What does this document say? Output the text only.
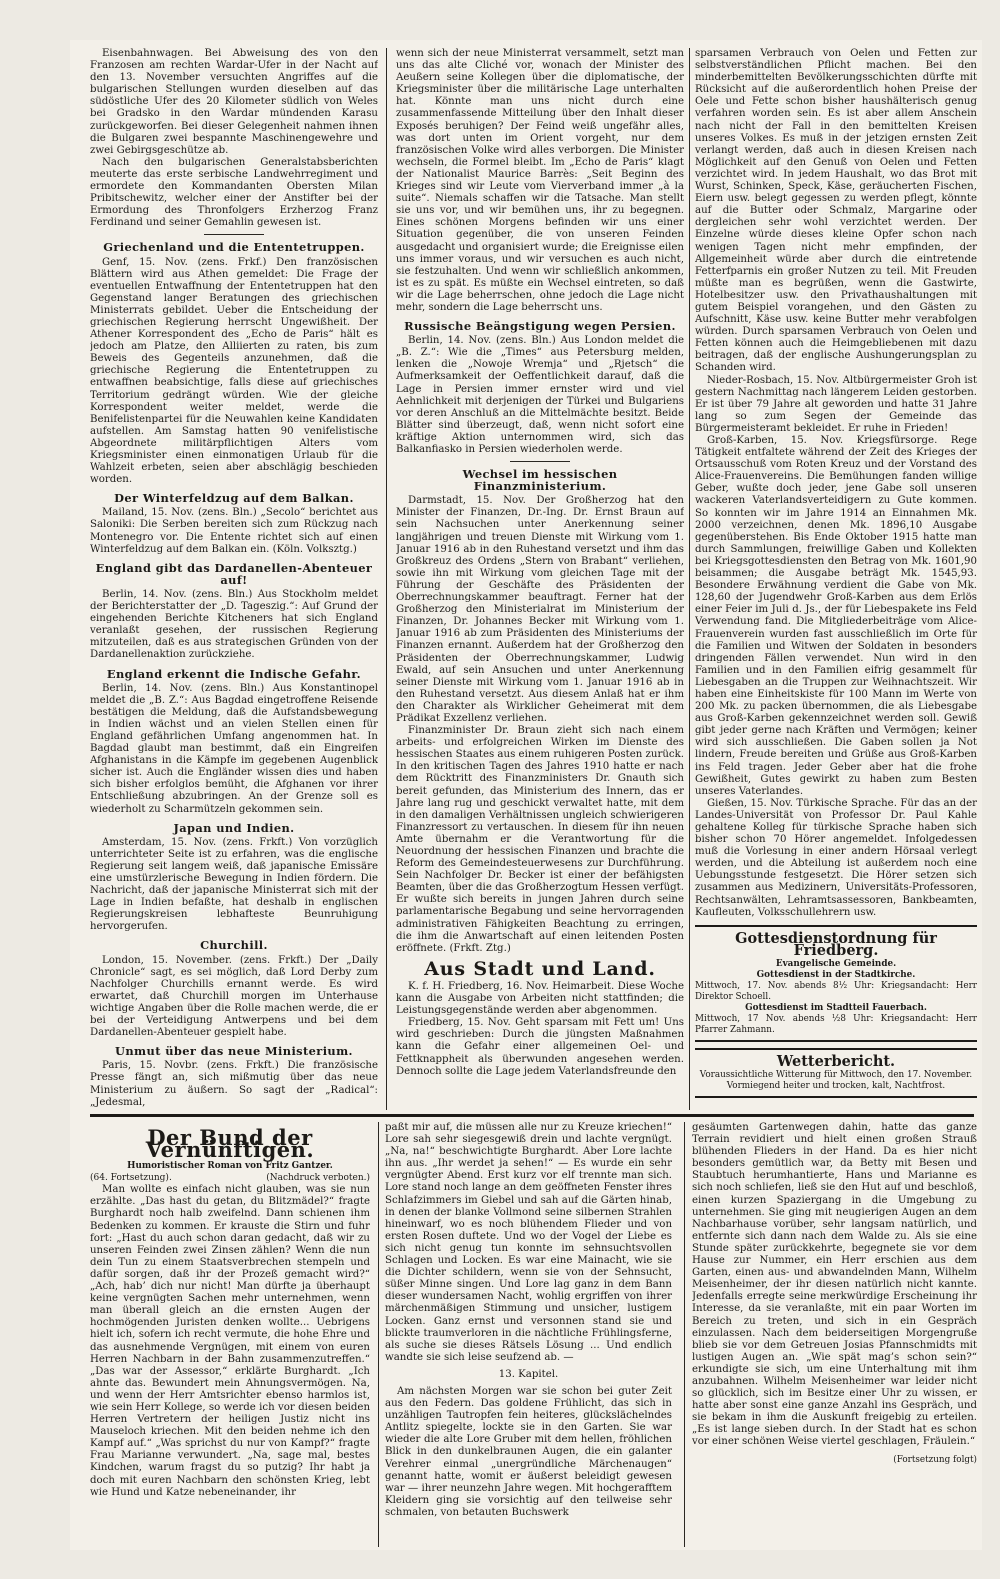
Eisenbahnwagen. Bei Abweisung des von den Franzosen am rechten Wardar-Ufer in der Nacht auf den 13. November versuchten Angriffes auf die bulgarischen Stellungen wurden dieselben auf das südöstliche Ufer des 20 Kilometer südlich von Weles bei Gradsko in den Wardar mündenden Karasu zurückgeworfen. Bei dieser Gelegenheit nahmen ihnen die Bulgaren zwei bespannte Maschinengewehre und zwei Gebirgsgeschütze ab.

Nach den bulgarischen Generalstabsberichten meuterte das erste serbische Landwehrregiment und ermordete den Kommandanten Obersten Milan Pribitschewitz, welcher einer der Anstifter bei der Ermordung des Thronfolgers Erzherzog Franz Ferdinand und seiner Gemahlin gewesen ist.

Griechenland und die Ententetruppen.

Genf, 15. Nov. (zens. Frkf.) Den französischen Blättern wird aus Athen gemeldet: Die Frage der eventuellen Entwaffnung der Ententetruppen hat den Gegenstand langer Beratungen des griechischen Ministerrats gebildet. Ueber die Entscheidung der griechischen Regierung herrscht Ungewißheit. Der Athener Korrespondent des „Echo de Paris“ hält es jedoch am Platze, den Alliierten zu raten, bis zum Beweis des Gegenteils anzunehmen, daß die griechische Regierung die Ententetruppen zu entwaffnen beabsichtige, falls diese auf griechisches Territorium gedrängt würden. Wie der gleiche Korrespondent weiter meldet, werde die Benifelistenpartei für die Neuwahlen keine Kandidaten aufstellen. Am Samstag hatten 90 venifelistische Abgeordnete militärpflichtigen Alters vom Kriegsminister einen einmonatigen Urlaub für die Wahlzeit erbeten, seien aber abschlägig beschieden worden.

Der Winterfeldzug auf dem Balkan.

Mailand, 15. Nov. (zens. Bln.) „Secolo“ berichtet aus Saloniki: Die Serben bereiten sich zum Rückzug nach Montenegro vor. Die Entente richtet sich auf einen Winterfeldzug auf dem Balkan ein. (Köln. Volksztg.)

England gibt das Dardanellen-Abenteuer auf!

Berlin, 14. Nov. (zens. Bln.) Aus Stockholm meldet der Berichterstatter der „D. Tageszig.“: Auf Grund der eingehenden Berichte Kitcheners hat sich England veranlaßt gesehen, der russischen Regierung mitzuteilen, daß es aus strategischen Gründen von der Dardanellenaktion zurückziehe.

England erkennt die Indische Gefahr.

Berlin, 14. Nov. (zens. Bln.) Aus Konstantinopel meldet die „B. Z.“: Aus Bagdad eingetroffene Reisende bestätigen die Meldung, daß die Aufstandsbewegung in Indien wächst und an vielen Stellen einen für England gefährlichen Umfang angenommen hat. In Bagdad glaubt man bestimmt, daß ein Eingreifen Afghanistans in die Kämpfe im gegebenen Augenblick sicher ist. Auch die Engländer wissen dies und haben sich bisher erfolglos bemüht, die Afghanen vor ihrer Entschließung abzubringen. An der Grenze soll es wiederholt zu Scharmützeln gekommen sein.

Japan und Indien.

Amsterdam, 15. Nov. (zens. Frkft.) Von vorzüglich unterrichteter Seite ist zu erfahren, was die englische Regierung seit langem weiß, daß japanische Emissäre eine umstürzlerische Bewegung in Indien fördern. Die Nachricht, daß der japanische Ministerrat sich mit der Lage in Indien befaßte, hat deshalb in englischen Regierungskreisen lebhafteste Beunruhigung hervorgerufen.

Churchill.

London, 15. November. (zens. Frkft.) Der „Daily Chronicle“ sagt, es sei möglich, daß Lord Derby zum Nachfolger Churchills ernannt werde. Es wird erwartet, daß Churchill morgen im Unterhause wichtige Angaben über die Rolle machen werde, die er bei der Verteidigung Antwerpens und bei dem Dardanellen-Abenteuer gespielt habe.

Unmut über das neue Ministerium.

Paris, 15. Novbr. (zens. Frkft.) Die französische Presse fängt an, sich mißmutig über das neue Ministerium zu äußern. So sagt der „Radical“: „Jedesmal,

wenn sich der neue Ministerrat versammelt, setzt man uns das alte Cliché vor, wonach der Minister des Aeußern seine Kollegen über die diplomatische, der Kriegsminister über die militärische Lage unterhalten hat. Könnte man uns nicht durch eine zusammenfassende Mitteilung über den Inhalt dieser Exposés beruhigen? Der Feind weiß ungefähr alles, was dort unten im Orient vorgeht, nur dem französischen Volke wird alles verborgen. Die Minister wechseln, die Formel bleibt. Im „Echo de Paris“ klagt der Nationalist Maurice Barrès: „Seit Beginn des Krieges sind wir Leute vom Vierverband immer „à la suite“. Niemals schaffen wir die Tatsache. Man stellt sie uns vor, und wir bemühen uns, ihr zu begegnen. Eines schönen Morgens befinden wir uns einer Situation gegenüber, die von unseren Feinden ausgedacht und organisiert wurde; die Ereignisse eilen uns immer voraus, und wir versuchen es auch nicht, sie festzuhalten. Und wenn wir schließlich ankommen, ist es zu spät. Es müßte ein Wechsel eintreten, so daß wir die Lage beherrschen, ohne jedoch die Lage nicht mehr, sondern die Lage beherrscht uns.

Russische Beängstigung wegen Persien.

Berlin, 14. Nov. (zens. Bln.) Aus London meldet die „B. Z.“: Wie die „Times“ aus Petersburg melden, lenken die „Nowoje Wremja“ und „Rjetsch“ die Aufmerksamkeit der Oeffentlichkeit darauf, daß die Lage in Persien immer ernster wird und viel Aehnlichkeit mit derjenigen der Türkei und Bulgariens vor deren Anschluß an die Mittelmächte besitzt. Beide Blätter sind überzeugt, daß, wenn nicht sofort eine kräftige Aktion unternommen wird, sich das Balkanfiasko in Persien wiederholen werde.

Wechsel im hessischen Finanzministerium.

Darmstadt, 15. Nov. Der Großherzog hat den Minister der Finanzen, Dr.-Ing. Dr. Ernst Braun auf sein Nachsuchen unter Anerkennung seiner langjährigen und treuen Dienste mit Wirkung vom 1. Januar 1916 ab in den Ruhestand versetzt und ihm das Großkreuz des Ordens „Stern von Brabant“ verliehen, sowie ihn mit Wirkung vom gleichen Tage mit der Führung der Geschäfte des Präsidenten der Oberrechnungskammer beauftragt. Ferner hat der Großherzog den Ministerialrat im Ministerium der Finanzen, Dr. Johannes Becker mit Wirkung vom 1. Januar 1916 ab zum Präsidenten des Ministeriums der Finanzen ernannt. Außerdem hat der Großherzog den Präsidenten der Oberrechnungskammer, Ludwig Ewald, auf sein Ansuchen und unter Anerkennung seiner Dienste mit Wirkung vom 1. Januar 1916 ab in den Ruhestand versetzt. Aus diesem Anlaß hat er ihm den Charakter als Wirklicher Geheimerat mit dem Prädikat Exzellenz verliehen.

Finanzminister Dr. Braun zieht sich nach einem arbeits- und erfolgreichen Wirken im Dienste des hessischen Staates aus einem ruhigeren Posten zurück. In den kritischen Tagen des Jahres 1910 hatte er nach dem Rücktritt des Finanzministers Dr. Gnauth sich bereit gefunden, das Ministerium des Innern, das er Jahre lang rug und geschickt verwaltet hatte, mit dem in den damaligen Verhältnissen ungleich schwierigeren Finanzressort zu vertauschen. In diesem für ihn neuen Amte übernahm er die Verantwortung für die Neuordnung der hessischen Finanzen und brachte die Reform des Gemeindesteuerwesens zur Durchführung. Sein Nachfolger Dr. Becker ist einer der befähigsten Beamten, über die das Großherzogtum Hessen verfügt. Er wußte sich bereits in jungen Jahren durch seine parlamentarische Begabung und seine hervorragenden administrativen Fähigkeiten Beachtung zu erringen, die ihm die Anwartschaft auf einen leitenden Posten eröffnete. (Frkft. Ztg.)

Aus Stadt und Land.

K. f. H. Friedberg, 16. Nov. Heimarbeit. Diese Woche kann die Ausgabe von Arbeiten nicht stattfinden; die Leistungsgegenstände werden aber abgenommen.

Friedberg, 15. Nov. Geht sparsam mit Fett um! Uns wird geschrieben: Durch die jüngsten Maßnahmen kann die Gefahr einer allgemeinen Oel- und Fettknappheit als überwunden angesehen werden. Dennoch sollte die Lage jedem Vaterlandsfreunde den

sparsamen Verbrauch von Oelen und Fetten zur selbstverständlichen Pflicht machen. Bei den minderbemittelten Bevölkerungsschichten dürfte mit Rücksicht auf die außerordentlich hohen Preise der Oele und Fette schon bisher haushälterisch genug verfahren worden sein. Es ist aber allem Anschein nach nicht der Fall in den bemittelten Kreisen unseres Volkes. Es muß in der jetzigen ernsten Zeit verlangt werden, daß auch in diesen Kreisen nach Möglichkeit auf den Genuß von Oelen und Fetten verzichtet wird. In jedem Haushalt, wo das Brot mit Wurst, Schinken, Speck, Käse, geräucherten Fischen, Eiern usw. belegt gegessen zu werden pflegt, könnte auf die Butter oder Schmalz, Margarine oder dergleichen sehr wohl verzichtet werden. Der Einzelne würde dieses kleine Opfer schon nach wenigen Tagen nicht mehr empfinden, der Allgemeinheit würde aber durch die eintretende Fetterfparnis ein großer Nutzen zu teil. Mit Freuden müßte man es begrüßen, wenn die Gastwirte, Hotelbesitzer usw. den Privathaushaltungen mit gutem Beispiel vorangehen, und den Gästen zu Aufschnitt, Käse usw. keine Butter mehr verabfolgen würden. Durch sparsamen Verbrauch von Oelen und Fetten können auch die Heimgebliebenen mit dazu beitragen, daß der englische Aushungerungsplan zu Schanden wird.

Nieder-Rosbach, 15. Nov. Altbürgermeister Groh ist gestern Nachmittag nach längerem Leiden gestorben. Er ist über 79 Jahre alt geworden und hatte 31 Jahre lang so zum Segen der Gemeinde das Bürgermeisteramt bekleidet. Er ruhe in Frieden!

Groß-Karben, 15. Nov. Kriegsfürsorge. Rege Tätigkeit entfaltete während der Zeit des Krieges der Ortsausschuß vom Roten Kreuz und der Vorstand des Alice-Frauenvereins. Die Bemühungen fanden willige Geber, wußte doch jeder, jene Gabe soll unseren wackeren Vaterlandsverteidigern zu Gute kommen. So konnten wir im Jahre 1914 an Einnahmen Mk. 2000 verzeichnen, denen Mk. 1896,10 Ausgabe gegenüberstehen. Bis Ende Oktober 1915 hatte man durch Sammlungen, freiwillige Gaben und Kollekten bei Kriegsgottesdiensten den Betrag von Mk. 1601,90 beisammen; die Ausgabe beträgt Mk. 1545,93. Besondere Erwähnung verdient die Gabe von Mk. 128,60 der Jugendwehr Groß-Karben aus dem Erlös einer Feier im Juli d. Js., der für Liebespakete ins Feld Verwendung fand. Die Mitgliederbeiträge vom Alice-Frauenverein wurden fast ausschließlich im Orte für die Familien und Witwen der Soldaten in besonders dringenden Fällen verwendet. Nun wird in den Familien und in den Familien eifrig gesammelt für Liebesgaben an die Truppen zur Weihnachtszeit. Wir haben eine Einheitskiste für 100 Mann im Werte von 200 Mk. zu packen übernommen, die als Liebesgabe aus Groß-Karben gekennzeichnet werden soll. Gewiß gibt jeder gerne nach Kräften und Vermögen; keiner wird sich ausschließen. Die Gaben sollen ja Not lindern, Freude bereiten und Grüße aus Groß-Karben ins Feld tragen. Jeder Geber aber hat die frohe Gewißheit, Gutes gewirkt zu haben zum Besten unseres Vaterlandes.

Gießen, 15. Nov. Türkische Sprache. Für das an der Landes-Universität von Professor Dr. Paul Kahle gehaltene Kolleg für türkische Sprache haben sich bisher schon 70 Hörer angemeldet. Infolgedessen muß die Vorlesung in einer andern Hörsaal verlegt werden, und die Abteilung ist außerdem noch eine Uebungsstunde festgesetzt. Die Hörer setzen sich zusammen aus Medizinern, Universitäts-Professoren, Rechtsanwälten, Lehramtsassessoren, Bankbeamten, Kaufleuten, Volksschullehrern usw.

Gottesdienstordnung für Friedberg.
Evangelische Gemeinde.
Gottesdienst in der Stadtkirche.
Mittwoch, 17. Nov. abends 8½ Uhr: Kriegsandacht: Herr Direktor Schoell.
Gottesdienst im Stadtteil Fauerbach.
Mittwoch, 17 Nov. abends ½8 Uhr: Kriegsandacht: Herr Pfarrer Zahmann.
Wetterbericht.
Voraussichtliche Witterung für Mittwoch, den 17. November.
Vormiegend heiter und trocken, kalt, Nachtfrost.
Der Bund der Vernünftigen.
Humoristischer Roman von Fritz Gantzer.
(64. Fortsetzung).	(Nachdruck verboten.)

Man wollte es einfach nicht glauben, was sie nun erzählte. „Das hast du getan, du Blitzmädel?“ fragte Burghardt noch halb zweifelnd. Dann schienen ihm Bedenken zu kommen. Er krauste die Stirn und fuhr fort: „Hast du auch schon daran gedacht, daß wir zu unseren Feinden zwei Zinsen zählen? Wenn die nun dein Tun zu einem Staatsverbrechen stempeln und dafür sorgen, daß ihr der Prozeß gemacht wird?“ „Ach, hab’ dich nur nicht! Man dürfte ja überhaupt keine vergnügten Sachen mehr unternehmen, wenn man überall gleich an die ernsten Augen der hochmögenden Juristen denken wollte... Uebrigens hielt ich, sofern ich recht vermute, die hohe Ehre und das ausnehmende Vergnügen, mit einem von euren Herren Nachbarn in der Bahn zusammenzutreffen.“ „Das war der Assessor,“ erklärte Burghardt. „Ich ahnte das. Bewundert mein Ahnungsvermögen. Na, und wenn der Herr Amtsrichter ebenso harmlos ist, wie sein Herr Kollege, so werde ich vor diesen beiden Herren Vertretern der heiligen Justiz nicht ins Mauseloch kriechen. Mit den beiden nehme ich den Kampf auf.“ „Was sprichst du nur von Kampf?“ fragte Frau Marianne verwundert. „Na, sage mal, bestes Kindchen, warum fragst du so putzig? Ihr habt ja doch mit euren Nachbarn den schönsten Krieg, lebt wie Hund und Katze nebeneinander, ihr

paßt mir auf, die müssen alle nur zu Kreuze kriechen!“ Lore sah sehr siegesgewiß drein und lachte vergnügt. „Na, na!“ beschwichtigte Burghardt. Aber Lore lachte ihn aus. „Ihr werdet ja sehen!“ — Es wurde ein sehr vergnügter Abend. Erst kurz vor elf trennte man sich. Lore stand noch lange an dem geöffneten Fenster ihres Schlafzimmers im Giebel und sah auf die Gärten hinab, in denen der blanke Vollmond seine silbernen Strahlen hineinwarf, wo es noch blühendem Flieder und von ersten Rosen duftete. Und wo der Vogel der Liebe es sich nicht genug tun konnte im sehnsuchtsvollen Schlagen und Locken. Es war eine Mainacht, wie sie die Dichter schildern, wenn sie von der Sehnsucht, süßer Minne singen. Und Lore lag ganz in dem Bann dieser wundersamen Nacht, wohlig ergriffen von ihrer märchenmäßigen Stimmung und unsicher, lustigem Locken. Ganz ernst und versonnen stand sie und blickte traumverloren in die nächtliche Frühlingsferne, als suche sie dieses Rätsels Lösung ... Und endlich wandte sie sich leise seufzend ab. —

13. Kapitel.

Am nächsten Morgen war sie schon bei guter Zeit aus den Federn. Das goldene Frühlicht, das sich in unzähligen Tautropfen fein heiteres, glückslächelndes Antlitz spiegelte, lockte sie in den Garten. Sie war wieder die alte Lore Gruber mit dem hellen, fröhlichen Blick in den dunkelbraunen Augen, die ein galanter Verehrer einmal „unergründliche Märchenaugen“ genannt hatte, womit er äußerst beleidigt gewesen war — ihrer neunzehn Jahre wegen. Mit hochgerafftem Kleidern ging sie vorsichtig auf den teilweise sehr schmalen, von betauten Buchswerk

gesäumten Gartenwegen dahin, hatte das ganze Terrain revidiert und hielt einen großen Strauß blühenden Flieders in der Hand. Da es hier nicht besonders gemütlich war, da Betty mit Besen und Staubtuch herumhantierte, Hans und Marianne es sich noch schliefen, ließ sie den Hut auf und beschloß, einen kurzen Spaziergang in die Umgebung zu unternehmen. Sie ging mit neugierigen Augen an dem Nachbarhause vorüber, sehr langsam natürlich, und entfernte sich dann nach dem Walde zu. Als sie eine Stunde später zurückkehrte, begegnete sie vor dem Hause zur Nummer, ein Herr erschien aus dem Garten, einen aus- und abwandelnden Mann, Wilhelm Meisenheimer, der ihr diesen natürlich nicht kannte. Jedenfalls erregte seine merkwürdige Erscheinung ihr Interesse, da sie veranlaßte, mit ein paar Worten im Bereich zu treten, und sich in ein Gespräch einzulassen. Nach dem beiderseitigen Morgengruße blieb sie vor dem Getreuen Josias Pfannschmidts mit lustigen Augen an. „Wie spät mag’s schon sein?“ erkundigte sie sich, um eine Unterhaltung mit ihm anzubahnen. Wilhelm Meisenheimer war leider nicht so glücklich, sich im Besitze einer Uhr zu wissen, er hatte aber sonst eine ganze Anzahl ins Gespräch, und sie bekam in ihm die Auskunft freigebig zu erteilen. „Es ist lange sieben durch. In der Stadt hat es schon vor einer schönen Weise viertel geschlagen, Fräulein.“

(Fortsetzung folgt)
